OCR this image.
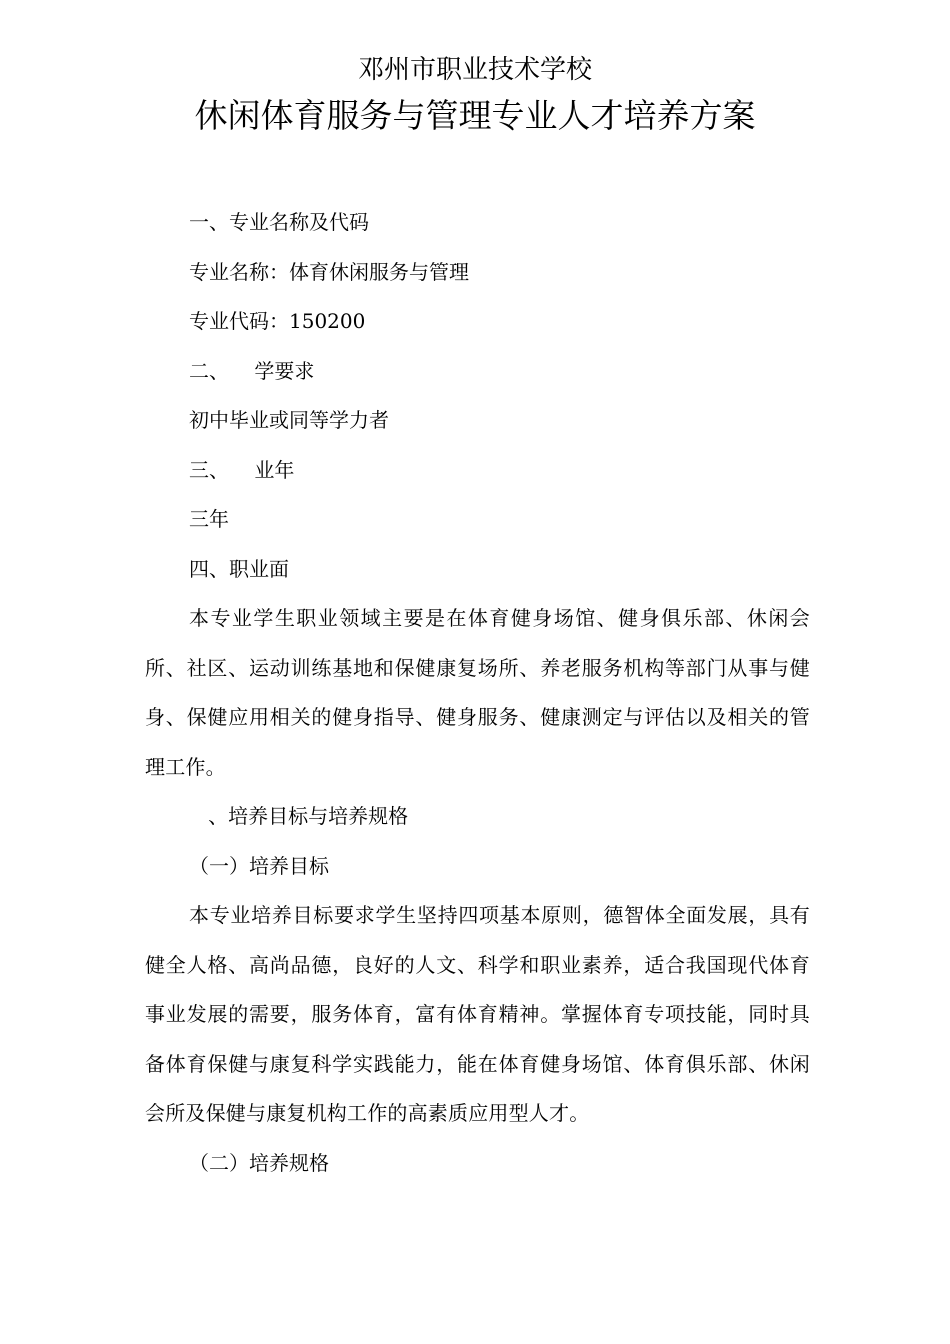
邓州市职业技术学校
休闲体育服务与管理专业人才培养方案

一、专业名称及代码

专业名称：体育休闲服务与管理

专业代码：150200

二、    学要求

初中毕业或同等学力者

三、    业年

三年

四、职业面

本专业学生职业领域主要是在体育健身场馆、健身俱乐部、休闲会所、社区、运动训练基地和保健康复场所、养老服务机构等部门从事与健身、保健应用相关的健身指导、健身服务、健康测定与评估以及相关的管理工作。

、培养目标与培养规格

（一）培养目标

本专业培养目标要求学生坚持四项基本原则，德智体全面发展，具有健全人格、高尚品德，良好的人文、科学和职业素养，适合我国现代体育事业发展的需要，服务体育，富有体育精神。掌握体育专项技能，同时具备体育保健与康复科学实践能力，能在体育健身场馆、体育俱乐部、休闲会所及保健与康复机构工作的高素质应用型人才。

（二）培养规格
